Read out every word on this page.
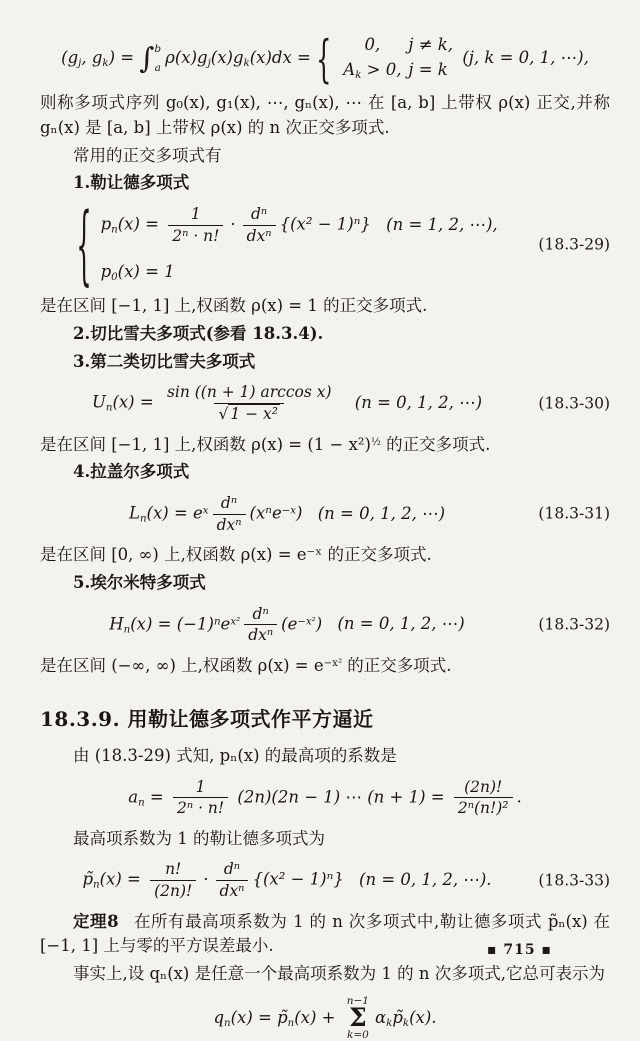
($g_j$, $g_k$) = ∫ b
a
$\rho(x)g_j(x)g_k(x)dx$ = {	0,	j ≠ k,
$A_k > 0$, j = k
(j, k = 0, 1, ⋯),

则称多项式序列 g₀(x), g₁(x), ⋯, gₙ(x), ⋯ 在 [a, b] 上带权 ρ(x) 正交,并称 gₙ(x) 是 [a, b] 上带权 ρ(x) 的 n 次正交多项式.

常用的正交多项式有

1.勒让德多项式

{ $p_n(x) = \frac{1}{\text{2ⁿ · n!}} \cdot \frac{\text{dⁿ}}{\text{dxⁿ}} \{(x^2 - 1)^n\} (n = 1$, 2, ⋯),
$p_0(x) = 1$
(18.3-29)

是在区间 [−1, 1] 上,权函数 ρ(x) = 1 的正交多项式.

2.切比雪夫多项式(参看 18.3.4).

3.第二类切比雪夫多项式

$U_n(x) = \frac{\text{sin ((n + 1) arccos x)}}{\text{√ 1 − x²}} (n = 0$, 1, 2, ⋯)	(18.3-30)

是在区间 [−1, 1] 上,权函数 $\rho(x) = (1 - x^2)^{\frac{1}{2}}$ 的正交多项式.

4.拉盖尔多项式

$L_n(x) = e^x \frac{\text{dⁿ}}{\text{dxⁿ}} (x^ne^{-x}) (n = 0$, 1, 2, ⋯)	(18.3-31)

是在区间 [0, ∞) 上,权函数 ρ(x) = e⁻ˣ 的正交多项式.

5.埃尔米特多项式

$H_n(x) = (-1)^ne^{x^2} \frac{\text{dⁿ}}{\text{dxⁿ}} (e^{-x^2}) (n = 0$, 1, 2, ⋯)	(18.3-32)

是在区间 (−∞, ∞) 上,权函数 $\rho(x) = e^{-x^2}$ 的正交多项式.

18.3.9. 用勒让德多项式作平方逼近

由 (18.3-29) 式知, pₙ(x) 的最高项的系数是

$a_n = \frac{1}{\text{2ⁿ · n!}} (2n)(2n - 1)$ ⋯ $(n + 1) = \frac{(2n)!}{\text{2ⁿ(n!)²}}$ .

最高项系数为 1 的勒让德多项式为

$p̃_n(x) = \frac{n!}{(2n)!} \cdot \frac{\text{dⁿ}}{\text{dxⁿ}} \{(x^2 - 1)^n\} (n = 0$, 1, 2, ⋯).	(18.3-33)

定理8 在所有最高项系数为 1 的 n 次多项式中,勒让德多项式 p̃ₙ(x) 在 [−1, 1] 上与零的平方误差最小.

事实上,设 qₙ(x) 是任意一个最高项系数为 1 的 n 次多项式,它总可表示为

$q_n(x)$ = $p̃_n(x)$ +
n−1
Σ
k=0
$\alpha_kp̃_k(x)$.
▪ 715 ▪
